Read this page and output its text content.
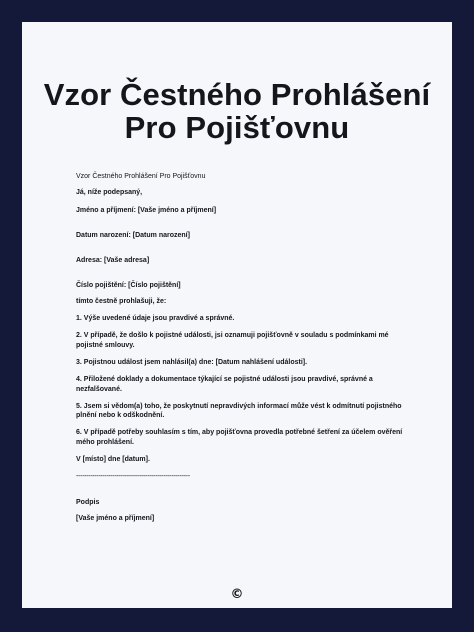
Vzor Čestného Prohlášení
Pro Pojišťovnu

Vzor Čestného Prohlášení Pro Pojišťovnu

Já, níže podepsaný,

Jméno a příjmení: [Vaše jméno a příjmení]

Datum narození: [Datum narození]

Adresa: [Vaše adresa]

Číslo pojištění: [Číslo pojištění]

tímto čestně prohlašuji, že:

1. Výše uvedené údaje jsou pravdivé a správné.

2. V případě, že došlo k pojistné události, jsi oznamuji pojišťovně v souladu s podmínkami mé pojistné smlouvy.

3. Pojistnou událost jsem nahlásil(a) dne: [Datum nahlášení události].

4. Přiložené doklady a dokumentace týkající se pojistné události jsou pravdivé, správné a nezfalšované.

5. Jsem si vědom(a) toho, že poskytnutí nepravdivých informací může vést k odmítnutí pojistného plnění nebo k odškodnění.

6. V případě potřeby souhlasím s tím, aby pojišťovna provedla potřebné šetření za účelem ověření mého prohlášení.

V [místo] dne [datum].

--------------------------------------------------------

Podpis

[Vaše jméno a příjmení]

©
